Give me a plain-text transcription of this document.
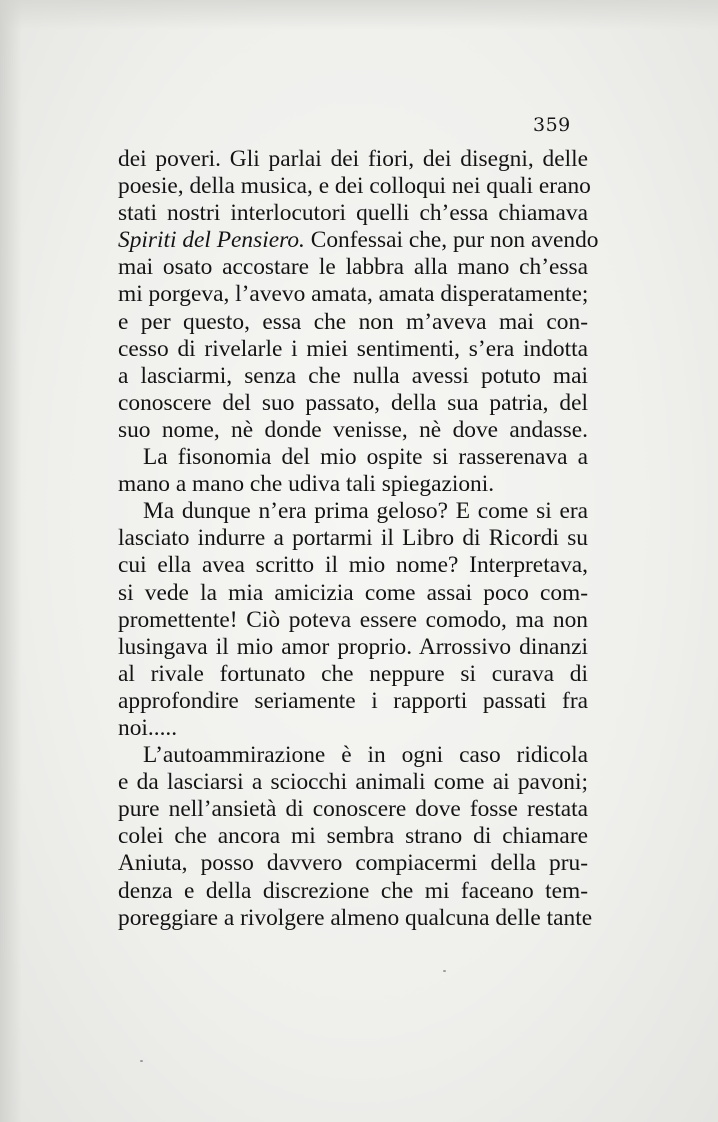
359
dei poveri. Gli parlai dei fiori, dei disegni, delle
poesie, della musica, e dei colloqui nei quali erano
stati nostri interlocutori quelli ch’essa chiamava
Spiriti del Pensiero. Confessai che, pur non avendo
mai osato accostare le labbra alla mano ch’essa
mi porgeva, l’avevo amata, amata disperatamente;
e per questo, essa che non m’aveva mai con-
cesso di rivelarle i miei sentimenti, s’era indotta
a lasciarmi, senza che nulla avessi potuto mai
conoscere del suo passato, della sua patria, del
suo nome, nè donde venisse, nè dove andasse.
La fisonomia del mio ospite si rasserenava a
mano a mano che udiva tali spiegazioni.
Ma dunque n’era prima geloso? E come si era
lasciato indurre a portarmi il Libro di Ricordi su
cui ella avea scritto il mio nome? Interpretava,
si vede la mia amicizia come assai poco com-
promettente! Ciò poteva essere comodo, ma non
lusingava il mio amor proprio. Arrossivo dinanzi
al rivale fortunato che neppure si curava di
approfondire seriamente i rapporti passati fra
noi.....
L’autoammirazione è in ogni caso ridicola
e da lasciarsi a sciocchi animali come ai pavoni;
pure nell’ansietà di conoscere dove fosse restata
colei che ancora mi sembra strano di chiamare
Aniuta, posso davvero compiacermi della pru-
denza e della discrezione che mi faceano tem-
poreggiare a rivolgere almeno qualcuna delle tante
